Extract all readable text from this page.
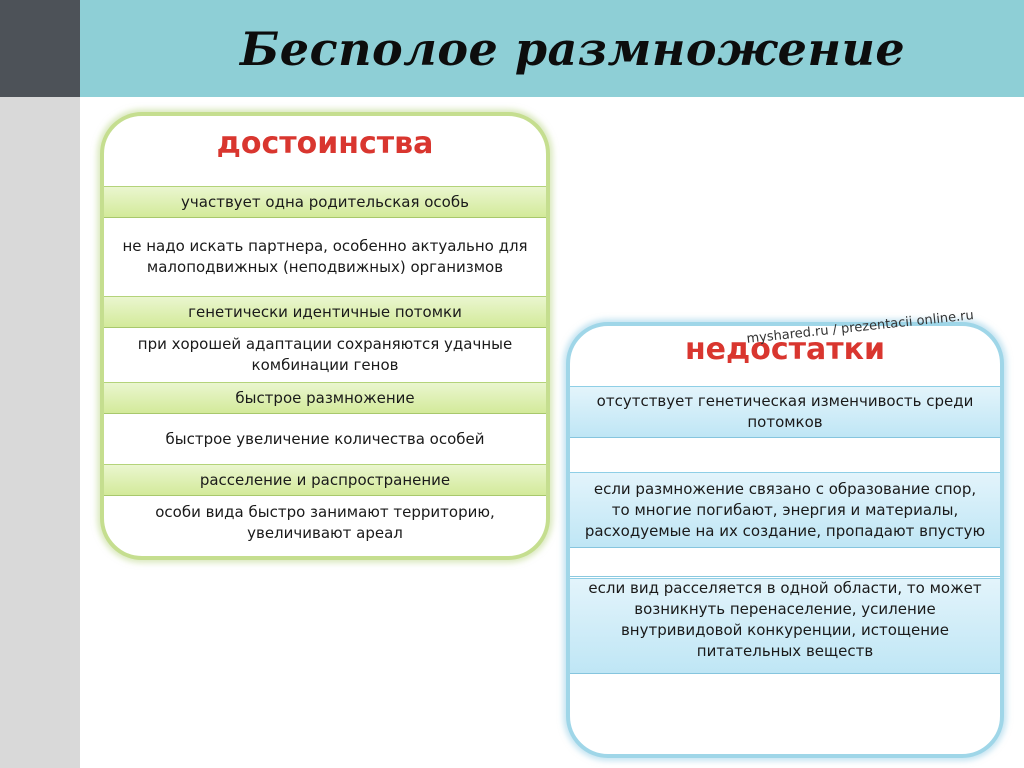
Бесполое размножение
достоинства
участвует одна родительская особь
не надо искать партнера, особенно актуально для малоподвижных (неподвижных) организмов
генетически идентичные потомки
при хорошей адаптации сохраняются удачные комбинации генов
быстрое размножение
быстрое увеличение количества особей
расселение и распространение
особи вида быстро занимают территорию, увеличивают ареал
недостатки
отсутствует генетическая изменчивость среди потомков
если размножение связано с образование спор, то многие погибают, энергия и материалы, расходуемые на их создание, пропадают впустую
если вид расселяется в одной области, то может возникнуть перенаселение, усиление внутривидовой конкуренции, истощение питательных веществ
myshared.ru / prezentacii online.ru
